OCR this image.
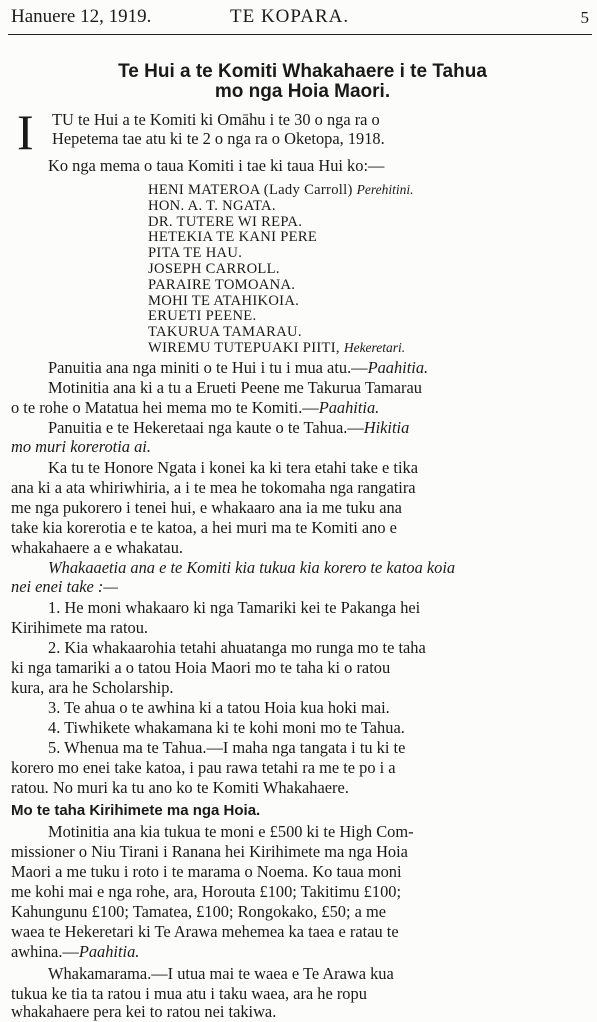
Hanuere 12, 1919.	TE KOPARA.	5
Te Hui a te Komiti Whakahaere i te Tahua
mo nga Hoia Maori.
I TU te Hui a te Komiti ki Omāhu i te 30 o nga ra o
Hepetema tae atu ki te 2 o nga ra o Oketopa, 1918.
Ko nga mema o taua Komiti i tae ki taua Hui ko:—
HENI MATEROA (Lady Carroll) Perehitini.
HON. A. T. NGATA.
DR. TUTERE WI REPA.
HETEKIA TE KANI PERE
PITA TE HAU.
JOSEPH CARROLL.
PARAIRE TOMOANA.
MOHI TE ATAHIKOIA.
ERUETI PEENE.
TAKURUA TAMARAU.
WIREMU TUTEPUAKI PIITI, Hekeretari.
Panuitia ana nga miniti o te Hui i tu i mua atu.—Paahitia.
Motinitia ana ki a tu a Erueti Peene me Takurua Tamarau
o te rohe o Matatua hei mema mo te Komiti.—Paahitia.
Panuitia e te Hekeretaai nga kaute o te Tahua.—Hikitia
mo muri korerotia ai.
Ka tu te Honore Ngata i konei ka ki tera etahi take e tika
ana ki a ata whiriwhiria, a i te mea he tokomaha nga rangatira
me nga pukorero i tenei hui, e whakaaro ana ia me tuku ana
take kia korerotia e te katoa, a hei muri ma te Komiti ano e
whakahaere a e whakatau.
Whakaaetia ana e te Komiti kia tukua kia korero te katoa koia
nei enei take :—
1. He moni whakaaro ki nga Tamariki kei te Pakanga hei
Kirihimete ma ratou.
2. Kia whakaarohia tetahi ahuatanga mo runga mo te taha
ki nga tamariki a o tatou Hoia Maori mo te taha ki o ratou
kura, ara he Scholarship.
3. Te ahua o te awhina ki a tatou Hoia kua hoki mai.
4. Tiwhikete whakamana ki te kohi moni mo te Tahua.
5. Whenua ma te Tahua.—I maha nga tangata i tu ki te
korero mo enei take katoa, i pau rawa tetahi ra me te po i a
ratou. No muri ka tu ano ko te Komiti Whakahaere.
Mo te taha Kirihimete ma nga Hoia.
Motinitia ana kia tukua te moni e £500 ki te High Com-
missioner o Niu Tirani i Ranana hei Kirihimete ma nga Hoia
Maori a me tuku i roto i te marama o Noema. Ko taua moni
me kohi mai e nga rohe, ara, Horouta £100; Takitimu £100;
Kahungunu £100; Tamatea, £100; Rongokako, £50; a me
waea te Hekeretari ki Te Arawa mehemea ka taea e ratau te
awhina.—Paahitia.
Whakamarama.—I utua mai te waea e Te Arawa kua
tukua ke tia ta ratou i mua atu i taku waea, ara he ropu
whakahaere pera kei to ratou nei takiwa.
